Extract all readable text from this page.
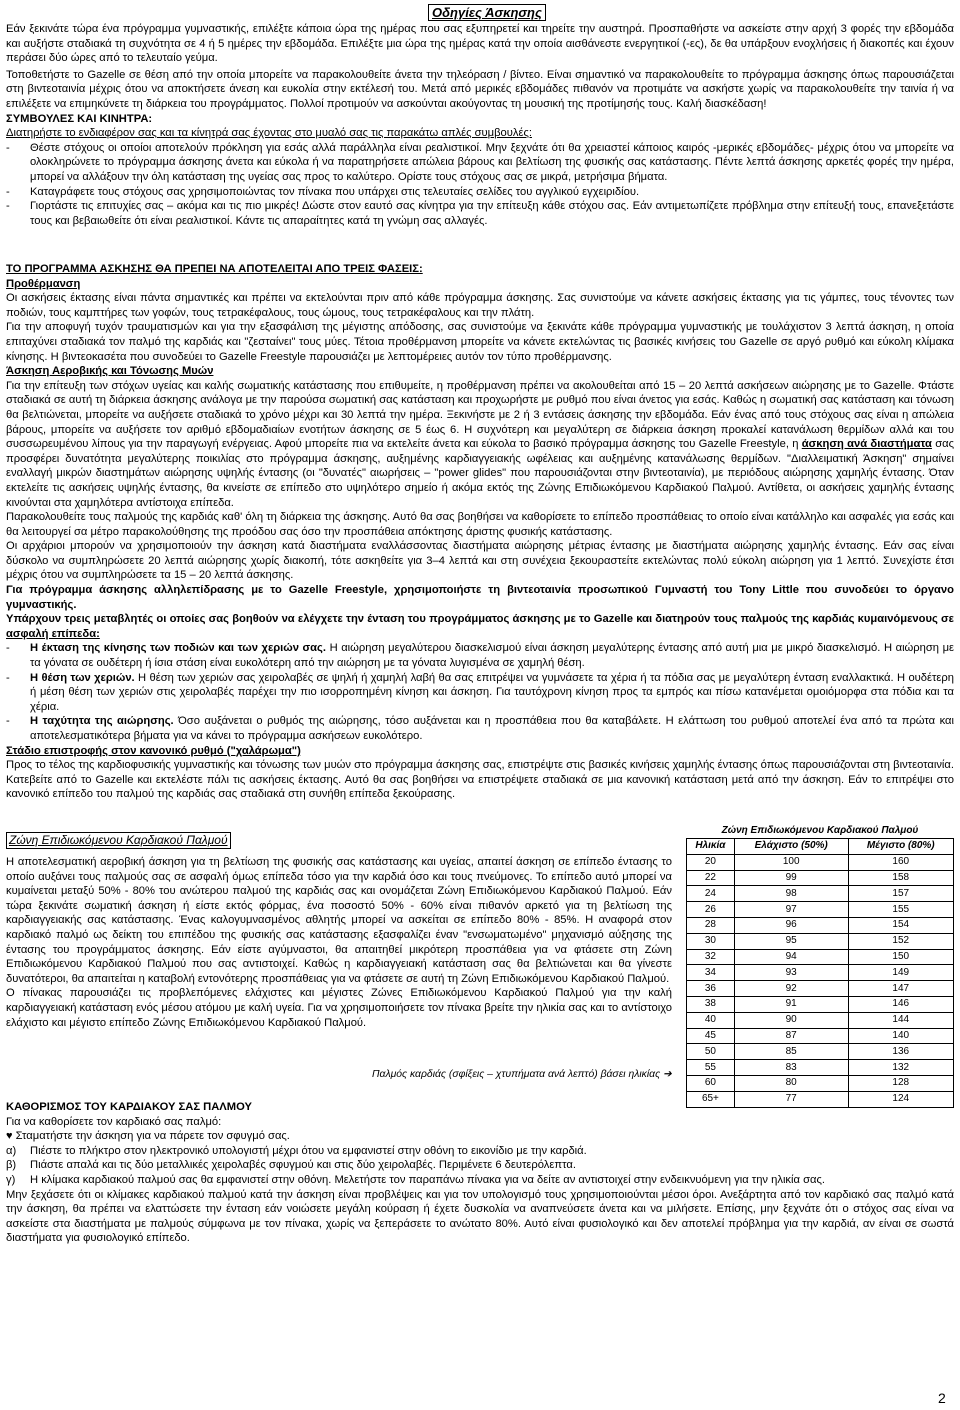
Οδηγίες Άσκησης

Εάν ξεκινάτε τώρα ένα πρόγραμμα γυμναστικής, επιλέξτε κάποια ώρα της ημέρας που σας εξυπηρετεί και τηρείτε την αυστηρά. Προσπαθήστε να ασκείστε στην αρχή 3 φορές την εβδομάδα και αυξήστε σταδιακά τη συχνότητα σε 4 ή 5 ημέρες την εβδομάδα. Επιλέξτε μια ώρα της ημέρας κατά την οποία αισθάνεστε ενεργητικοί (-ες), δε θα υπάρξουν ενοχλήσεις ή διακοπές και έχουν περάσει δύο ώρες από το τελευταίο γεύμα.

Τοποθετήστε το Gazelle σε θέση από την οποία μπορείτε να παρακολουθείτε άνετα την τηλεόραση / βίντεο. Είναι σημαντικό να παρακολουθείτε το πρόγραμμα άσκησης όπως παρουσιάζεται στη βιντεοταινία μέχρις ότου να αποκτήσετε άνεση και ευκολία στην εκτέλεσή του. Μετά από μερικές εβδομάδες πιθανόν να προτιμάτε να ασκήστε χωρίς να παρακολουθείτε την ταινία ή να επιλέξετε να επιμηκύνετε τη διάρκεια του προγράμματος. Πολλοί προτιμούν να ασκούνται ακούγοντας τη μουσική της προτίμησής τους. Καλή διασκέδαση!

ΣΥΜΒΟΥΛΕΣ ΚΑΙ ΚΙΝΗΤΡΑ:

Διατηρήστε το ενδιαφέρον σας και τα κίνητρά σας έχοντας στο μυαλό σας τις παρακάτω απλές συμβουλές:

-	Θέστε στόχους οι οποίοι αποτελούν πρόκληση για εσάς αλλά παράλληλα είναι ρεαλιστικοί. Μην ξεχνάτε ότι θα χρειαστεί κάποιος καιρός -μερικές εβδομάδες- μέχρις ότου να μπορείτε να ολοκληρώνετε το πρόγραμμα άσκησης άνετα και εύκολα ή να παρατηρήσετε απώλεια βάρους και βελτίωση της φυσικής σας κατάστασης. Πέντε λεπτά άσκησης αρκετές φορές την ημέρα, μπορεί να αλλάξουν την όλη κατάσταση της υγείας σας προς το καλύτερο. Ορίστε τους στόχους σας σε μικρά, μετρήσιμα βήματα.
-	Καταγράφετε τους στόχους σας χρησιμοποιώντας τον πίνακα που υπάρχει στις τελευταίες σελίδες του αγγλικού εγχειριδίου.
-	Γιορτάστε τις επιτυχίες σας – ακόμα και τις πιο μικρές! Δώστε στον εαυτό σας κίνητρα για την επίτευξη κάθε στόχου σας. Εάν αντιμετωπίζετε πρόβλημα στην επίτευξή τους, επανεξετάστε τους και βεβαιωθείτε ότι είναι ρεαλιστικοί. Κάντε τις απαραίτητες κατά τη γνώμη σας αλλαγές.

ΤΟ ΠΡΟΓΡΑΜΜΑ ΑΣΚΗΣΗΣ ΘΑ ΠΡΕΠΕΙ ΝΑ ΑΠΟΤΕΛΕΙΤΑΙ ΑΠΟ ΤΡΕΙΣ ΦΑΣΕΙΣ:

Προθέρμανση

Οι ασκήσεις έκτασης είναι πάντα σημαντικές και πρέπει να εκτελούνται πριν από κάθε πρόγραμμα άσκησης. Σας συνιστούμε να κάνετε ασκήσεις έκτασης για τις γάμπες, τους τένοντες των ποδιών, τους καμπτήρες των γοφών, τους τετρακέφαλους, τους ώμους, τους τετρακέφαλους και την πλάτη.

Για την αποφυγή τυχόν τραυματισμών και για την εξασφάλιση της μέγιστης απόδοσης, σας συνιστούμε να ξεκινάτε κάθε πρόγραμμα γυμναστικής με τουλάχιστον 3 λεπτά άσκηση, η οποία επιταχύνει σταδιακά τον παλμό της καρδιάς και "ζεσταίνει" τους μύες. Τέτοια προθέρμανση μπορείτε να κάνετε εκτελώντας τις βασικές κινήσεις του Gazelle σε αργό ρυθμό και εύκολη κλίμακα κίνησης. Η βιντεοκασέτα που συνοδεύει το Gazelle Freestyle παρουσιάζει με λεπτομέρειες αυτόν τον τύπο προθέρμανσης.

Άσκηση Αεροβικής και Τόνωσης Μυών

Για την επίτευξη των στόχων υγείας και καλής σωματικής κατάστασης που επιθυμείτε, η προθέρμανση πρέπει να ακολουθείται από 15 – 20 λεπτά ασκήσεων αιώρησης με το Gazelle. Φτάστε σταδιακά σε αυτή τη διάρκεια άσκησης ανάλογα με την παρούσα σωματική σας κατάσταση και προχωρήστε με ρυθμό που είναι άνετος για εσάς. Καθώς η σωματική σας κατάσταση και τόνωση θα βελτιώνεται, μπορείτε να αυξήσετε σταδιακά το χρόνο μέχρι και 30 λεπτά την ημέρα. Ξεκινήστε με 2 ή 3 εντάσεις άσκησης την εβδομάδα. Εάν ένας από τους στόχους σας είναι η απώλεια βάρους, μπορείτε να αυξήσετε τον αριθμό εβδομαδιαίων ενοτήτων άσκησης σε 5 έως 6. Η συχνότερη και μεγαλύτερη σε διάρκεια άσκηση προκαλεί κατανάλωση θερμίδων αλλά και του συσσωρευμένου λίπους για την παραγωγή ενέργειας. Αφού μπορείτε πια να εκτελείτε άνετα και εύκολα το βασικό πρόγραμμα άσκησης του Gazelle Freestyle, η άσκηση ανά διαστήματα σας προσφέρει δυνατότητα μεγαλύτερης ποικιλίας στο πρόγραμμα άσκησης, αυξημένης καρδιαγγειακής ωφέλειας και αυξημένης κατανάλωσης θερμίδων. "Διαλλειματική Άσκηση" σημαίνει εναλλαγή μικρών διαστημάτων αιώρησης υψηλής έντασης (οι "δυνατές" αιωρήσεις – "power glides" που παρουσιάζονται στην βιντεοταινία), με περιόδους αιώρησης χαμηλής έντασης. Όταν εκτελείτε τις ασκήσεις υψηλής έντασης, θα κινείστε σε επίπεδο στο υψηλότερο σημείο ή ακόμα εκτός της Ζώνης Επιδιωκόμενου Καρδιακού Παλμού. Αντίθετα, οι ασκήσεις χαμηλής έντασης κινούνται στα χαμηλότερα αντίστοιχα επίπεδα.

Παρακολουθείτε τους παλμούς της καρδιάς καθ' όλη τη διάρκεια της άσκησης. Αυτό θα σας βοηθήσει να καθορίσετε το επίπεδο προσπάθειας το οποίο είναι κατάλληλο και ασφαλές για εσάς και θα λειτουργεί σα μέτρο παρακολούθησης της προόδου σας όσο την προσπάθεια απόκτησης άριστης φυσικής κατάστασης.

Οι αρχάριοι μπορούν να χρησιμοποιούν την άσκηση κατά διαστήματα εναλλάσσοντας διαστήματα αιώρησης μέτριας έντασης με διαστήματα αιώρησης χαμηλής έντασης. Εάν σας είναι δύσκολο να συμπληρώσετε 20 λεπτά αιώρησης χωρίς διακοπή, τότε ασκηθείτε για 3–4 λεπτά και στη συνέχεια ξεκουραστείτε εκτελώντας πολύ εύκολη αιώρηση για 1 λεπτό. Συνεχίστε έτσι μέχρις ότου να συμπληρώσετε τα 15 – 20 λεπτά άσκησης.

Για πρόγραμμα άσκησης αλληλεπίδρασης με το Gazelle Freestyle, χρησιμοποιήστε τη βιντεοταινία προσωπικού Γυμναστή του Tony Little που συνοδεύει το όργανο γυμναστικής.

Υπάρχουν τρεις μεταβλητές οι οποίες σας βοηθούν να ελέγχετε την ένταση του προγράμματος άσκησης με το Gazelle και διατηρούν τους παλμούς της καρδιάς κυμαινόμενους σε ασφαλή επίπεδα:

-	Η έκταση της κίνησης των ποδιών και των χεριών σας. Η αιώρηση μεγαλύτερου διασκελισμού είναι άσκηση μεγαλύτερης έντασης από αυτή μια με μικρό διασκελισμό. Η αιώρηση με τα γόνατα σε ουδέτερη ή ίσια στάση είναι ευκολότερη από την αιώρηση με τα γόνατα λυγισμένα σε χαμηλή θέση.
-	Η θέση των χεριών. Η θέση των χεριών σας χειρολαβές σε ψηλή ή χαμηλή λαβή θα σας επιτρέψει να γυμνάσετε τα χέρια ή τα πόδια σας με μεγαλύτερη ένταση εναλλακτικά. Η ουδέτερη ή μέση θέση των χεριών στις χειρολαβές παρέχει την πιο ισορροπημένη κίνηση και άσκηση. Για ταυτόχρονη κίνηση προς τα εμπρός και πίσω κατανέμεται ομοιόμορφα στα πόδια και τα χέρια.
-	Η ταχύτητα της αιώρησης. Όσο αυξάνεται ο ρυθμός της αιώρησης, τόσο αυξάνεται και η προσπάθεια που θα καταβάλετε. Η ελάττωση του ρυθμού αποτελεί ένα από τα πρώτα και αποτελεσματικότερα βήματα για να κάνει το πρόγραμμα ασκήσεων ευκολότερο.

Στάδιο επιστροφής στον κανονικό ρυθμό ("χαλάρωμα")

Προς το τέλος της καρδιοφυσικής γυμναστικής και τόνωσης των μυών στο πρόγραμμα άσκησης σας, επιστρέψτε στις βασικές κινήσεις χαμηλής έντασης όπως παρουσιάζονται στη βιντεοταινία. Κατεβείτε από το Gazelle και εκτελέστε πάλι τις ασκήσεις έκτασης. Αυτό θα σας βοηθήσει να επιστρέψετε σταδιακά σε μια κανονική κατάσταση μετά από την άσκηση. Εάν το επιτρέψει στο κανονικό επίπεδο του παλμού της καρδιάς σας σταδιακά στη συνήθη επίπεδα ξεκούρασης.

Ζώνη Επιδιωκόμενου Καρδιακού Παλμού

Η αποτελεσματική αεροβική άσκηση για τη βελτίωση της φυσικής σας κατάστασης και υγείας, απαιτεί άσκηση σε επίπεδο έντασης το οποίο αυξάνει τους παλμούς σας σε ασφαλή όμως επίπεδα τόσο για την καρδιά όσο και τους πνεύμονες. Το επίπεδο αυτό μπορεί να κυμαίνεται μεταξύ 50% - 80% του ανώτερου παλμού της καρδιάς σας και ονομάζεται Ζώνη Επιδιωκόμενου Καρδιακού Παλμού. Εάν τώρα ξεκινάτε σωματική άσκηση ή είστε εκτός φόρμας, ένα ποσοστό 50% - 60% είναι πιθανόν αρκετό για τη βελτίωση της καρδιαγγειακής σας κατάστασης. Ένας καλογυμνασμένος αθλητής μπορεί να ασκείται σε επίπεδο 80% - 85%. Η αναφορά στον καρδιακό παλμό ως δείκτη του επιπέδου της φυσικής σας κατάστασης εξασφαλίζει έναν "ενσωματωμένο" μηχανισμό αύξησης της έντασης του προγράμματος άσκησης. Εάν είστε αγύμναστοι, θα απαιτηθεί μικρότερη προσπάθεια για να φτάσετε στη Ζώνη Επιδιωκόμενου Καρδιακού Παλμού που σας αντιστοιχεί. Καθώς η καρδιαγγειακή κατάσταση σας θα βελτιώνεται και θα γίνεστε δυνατότεροι, θα απαιτείται η καταβολή εντονότερης προσπάθειας για να φτάσετε σε αυτή τη Ζώνη Επιδιωκόμενου Καρδιακού Παλμού.

Ο πίνακας παρουσιάζει τις προβλεπόμενες ελάχιστες και μέγιστες Ζώνες Επιδιωκόμενου Καρδιακού Παλμού για την καλή καρδιαγγειακή κατάσταση ενός μέσου ατόμου με καλή υγεία. Για να χρησιμοποιήσετε τον πίνακα βρείτε την ηλικία σας και το αντίστοιχο ελάχιστο και μέγιστο επίπεδο Ζώνης Επιδιωκόμενου Καρδιακού Παλμού.

Παλμός καρδιάς (σφίξεις – χτυπήματα ανά λεπτό) βάσει ηλικίας ➔
Ζώνη Επιδιωκόμενου Καρδιακού Παλμού		
Ηλικία	Ελάχιστο (50%)	Μέγιστο (80%)
20	100	160
22	99	158
24	98	157
26	97	155
28	96	154
30	95	152
32	94	150
34	93	149
36	92	147
38	91	146
40	90	144
45	87	140
50	85	136
55	83	132
60	80	128
65+	77	124

ΚΑΘΟΡΙΣΜΟΣ ΤΟΥ ΚΑΡΔΙΑΚΟΥ ΣΑΣ ΠΑΛΜΟΥ

Για να καθορίσετε τον καρδιακό σας παλμό:

♥ Σταματήστε την άσκηση για να πάρετε τον σφυγμό σας.

α)	Πιέστε το πλήκτρο στον ηλεκτρονικό υπολογιστή μέχρι ότου να εμφανιστεί στην οθόνη το εικονίδιο με την καρδιά.
β)	Πιάστε απαλά και τις δύο μεταλλικές χειρολαβές σφυγμού και στις δύο χειρολαβές. Περιμένετε 6 δευτερόλεπτα.
γ)	Η κλίμακα καρδιακού παλμού σας θα εμφανιστεί στην οθόνη. Μελετήστε τον παραπάνω πίνακα για να δείτε αν αντιστοιχεί στην ενδεικνυόμενη για την ηλικία σας.

Μην ξεχάσετε ότι οι κλίμακες καρδιακού παλμού κατά την άσκηση είναι προβλέψεις και για τον υπολογισμό τους χρησιμοποιούνται μέσοι όροι. Ανεξάρτητα από τον καρδιακό σας παλμό κατά την άσκηση, θα πρέπει να ελαττώσετε την ένταση εάν νοιώσετε μεγάλη κούραση ή έχετε δυσκολία να αναπνεύσετε άνετα και να μιλήσετε. Επίσης, μην ξεχνάτε ότι ο στόχος σας είναι να ασκείστε στα διαστήματα με παλμούς σύμφωνα με τον πίνακα, χωρίς να ξεπεράσετε το ανώτατο 80%. Αυτό είναι φυσιολογικό και δεν αποτελεί πρόβλημα για την καρδιά, αν είναι σε σωστά διαστήματα για φυσιολογικό επίπεδο.

2
